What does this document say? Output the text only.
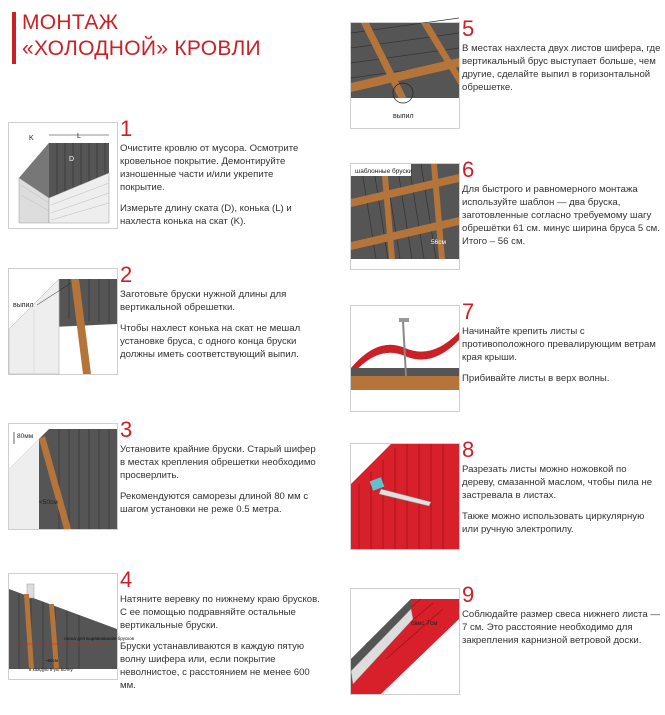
МОНТАЖ
«ХОЛОДНОЙ» КРОВЛИ
K	L
D
1

Очистите кровлю от мусора. Осмотрите кровельное покрытие. Демонтируйте изношенные части и/или укрепите покрытие.

Измерьте длину ската (D), конька (L) и нахлеста конька на скат (K).

выпил
2

Заготовьте бруски нужной длины для вертикальной обрешетки.

Чтобы нахлест конька на скат не мешал установке бруса, с одного конца бруски должны иметь соответствующий выпил.

80мм
<50см
3

Установите крайние бруски. Старый шифер в местах крепления обрешетки необходимо просверлить.

Рекомендуются саморезы длиной 80 мм с шагом установки не реже 0.5 метра.

леска для выравнивания брусков
~60см
в каждую 5-ую волну
4

Натяните веревку по нижнему краю брусков. С ее помощью подравняйте остальные вертикальные бруски.

Бруски устанавливаются в каждую пятую волну шифера или, если покрытие неволнистое, с расстоянием не менее 600 мм.

выпил
5

В местах нахлеста двух листов шифера, где вертикальный брус выступает больше, чем другие, сделайте выпил в горизонтальной обрешетке.

шаблонные бруски
56см
6

Для быстрого и равномерного монтажа используйте шаблон — два бруска, заготовленные согласно требуемому шагу обрешётки 61 см. минус ширина бруса 5 см. Итого – 56 см.

7

Начинайте крепить листы с противоположного превалирующим ветрам края крыши.

Прибивайте листы в верх волны.

8

Разрезать листы можно ножовкой по дереву, смазанной маслом, чтобы пила не застревала в листах.

Также можно использовать циркулярную или ручную электропилу.

свес 7см
9

Соблюдайте размер свеса нижнего листа — 7 см. Это расстояние необходимо для закрепления карнизной ветровой доски.
